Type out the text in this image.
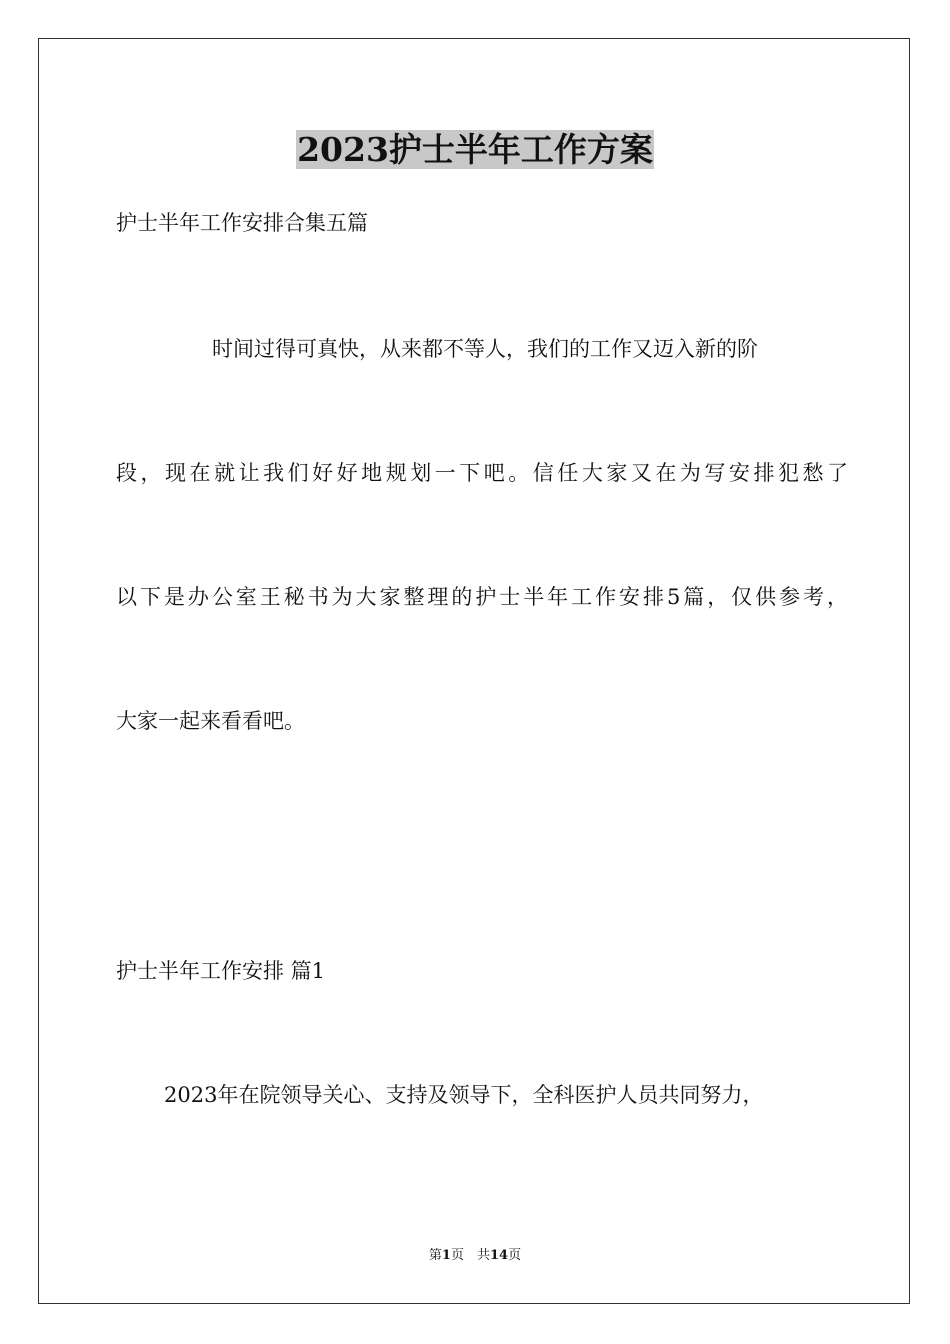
2023护士半年工作方案
护士半年工作安排合集五篇
时间过得可真快，从来都不等人，我们的工作又迈入新的阶
段，现在就让我们好好地规划一下吧。信任大家又在为写安排犯愁了
以下是办公室王秘书为大家整理的护士半年工作安排5篇，仅供参考，
大家一起来看看吧。
护士半年工作安排 篇1
2023年在院领导关心、支持及领导下，全科医护人员共同努力，
第1页　共14页
